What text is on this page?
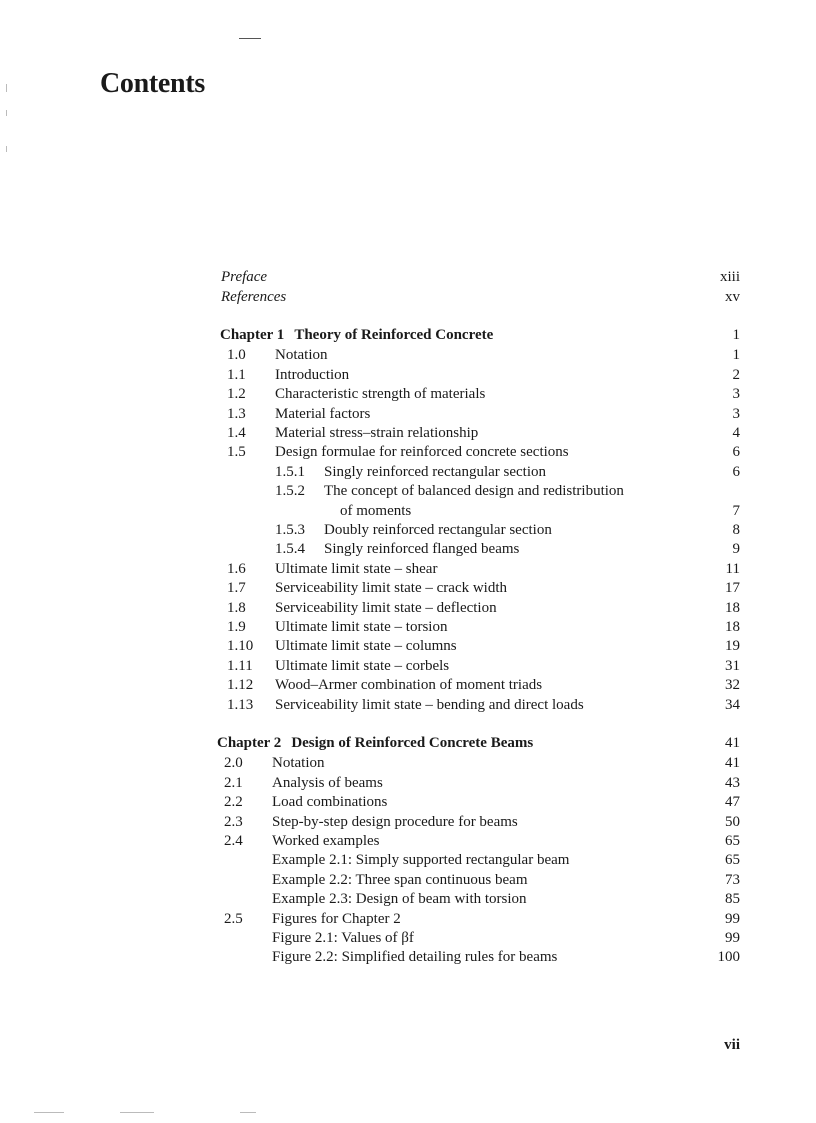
Contents
Preface	xiii
References	xv
Chapter 1 Theory of Reinforced Concrete	1
1.0 Notation	1
1.1 Introduction	2
1.2 Characteristic strength of materials	3
1.3 Material factors	3
1.4 Material stress–strain relationship	4
1.5 Design formulae for reinforced concrete sections	6
1.5.1 Singly reinforced rectangular section	6
1.5.2 The concept of balanced design and redistribution
of moments	7
1.5.3 Doubly reinforced rectangular section	8
1.5.4 Singly reinforced flanged beams	9
1.6 Ultimate limit state – shear	11
1.7 Serviceability limit state – crack width	17
1.8 Serviceability limit state – deflection	18
1.9 Ultimate limit state – torsion	18
1.10 Ultimate limit state – columns	19
1.11 Ultimate limit state – corbels	31
1.12 Wood–Armer combination of moment triads	32
1.13 Serviceability limit state – bending and direct loads	34
Chapter 2 Design of Reinforced Concrete Beams	41
2.0 Notation	41
2.1 Analysis of beams	43
2.2 Load combinations	47
2.3 Step-by-step design procedure for beams	50
2.4 Worked examples	65
Example 2.1: Simply supported rectangular beam	65
Example 2.2: Three span continuous beam	73
Example 2.3: Design of beam with torsion	85
2.5 Figures for Chapter 2	99
Figure 2.1: Values of βf	99
Figure 2.2: Simplified detailing rules for beams	100
vii
